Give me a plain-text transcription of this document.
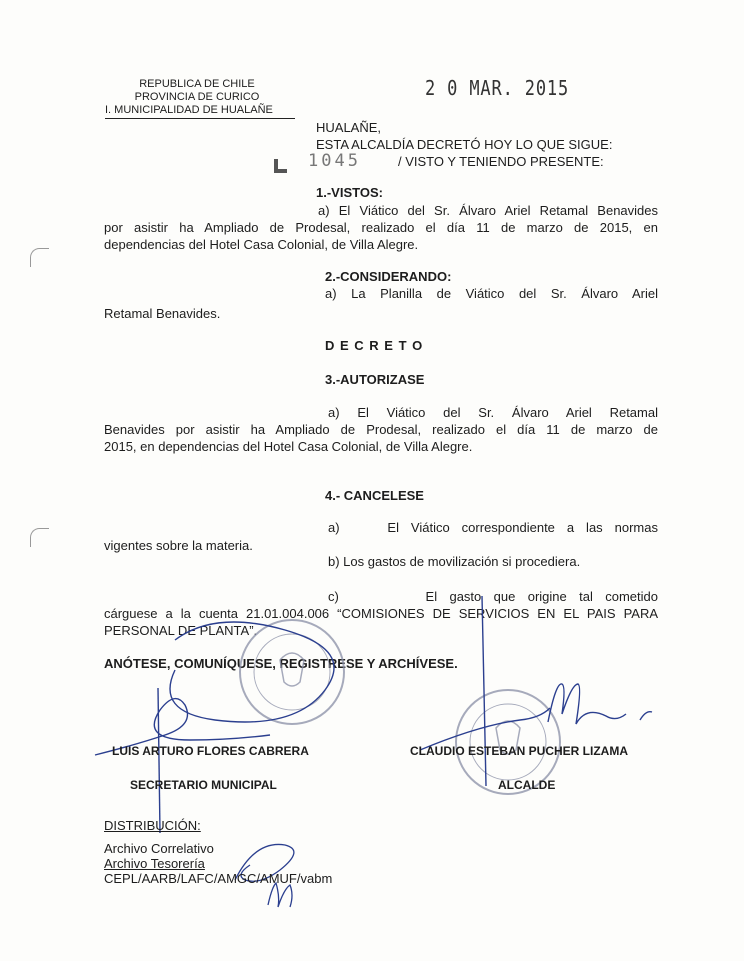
REPUBLICA DE CHILE
PROVINCIA DE CURICO
I. MUNICIPALIDAD DE HUALAÑE
2 0 MAR. 2015
HUALAÑE,
ESTA ALCALDÍA DECRETÓ HOY LO QUE SIGUE:
1045	/ VISTO Y TENIENDO PRESENTE:
1.-VISTOS:
a) El Viático del Sr. Álvaro Ariel Retamal Benavides
por asistir ha Ampliado de Prodesal, realizado el día 11 de marzo de 2015, en
dependencias del Hotel Casa Colonial, de Villa Alegre.
2.-CONSIDERANDO:
a) La Planilla de Viático del Sr. Álvaro Ariel
Retamal Benavides.
D E C R E T O
3.-AUTORIZASE
a) El Viático del Sr. Álvaro Ariel Retamal
Benavides por asistir ha Ampliado de Prodesal, realizado el día 11 de marzo de
2015, en dependencias del Hotel Casa Colonial, de Villa Alegre.
4.- CANCELESE
a)    El Viático correspondiente a las normas
vigentes sobre la materia.
b) Los gastos de movilización si procediera.
c)       El gasto que origine tal cometido
cárguese a la cuenta 21.01.004.006 “COMISIONES DE SERVICIOS EN EL PAIS PARA
PERSONAL DE PLANTA”.
ANÓTESE, COMUNÍQUESE, REGISTRESE Y ARCHÍVESE.
LUIS ARTURO FLORES CABRERA
SECRETARIO MUNICIPAL
CLAUDIO ESTEBAN PUCHER LIZAMA
ALCALDE
DISTRIBUCIÓN:
Archivo Correlativo
Archivo Tesorería
CEPL/AARB/LAFC/AMGC/AMUF/vabm
